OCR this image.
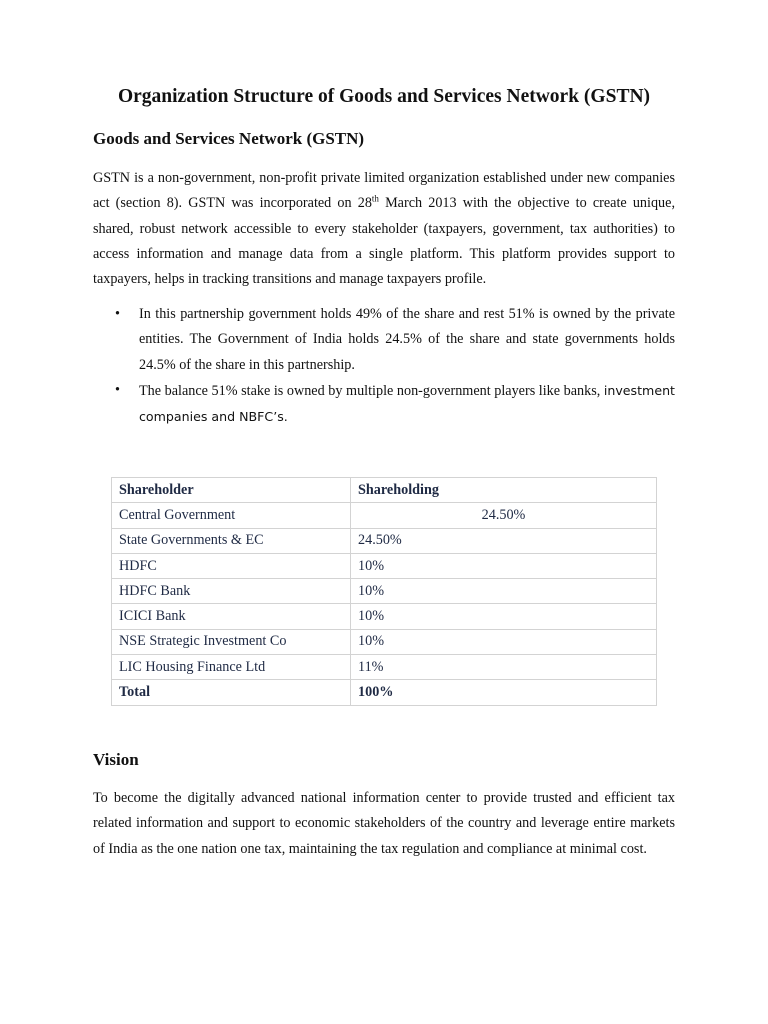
Organization Structure of Goods and Services Network (GSTN)
Goods and Services Network (GSTN)

GSTN is a non-government, non-profit private limited organization established under new companies act (section 8). GSTN was incorporated on 28th March 2013 with the objective to create unique, shared, robust network accessible to every stakeholder (taxpayers, government, tax authorities) to access information and manage data from a single platform. This platform provides support to taxpayers, helps in tracking transitions and manage taxpayers profile.

• In this partnership government holds 49% of the share and rest 51% is owned by the private entities. The Government of India holds 24.5% of the share and state governments holds 24.5% of the share in this partnership.
• The balance 51% stake is owned by multiple non-government players like banks, investment companies and NBFC’s.
Shareholder	Shareholding
Central Government	24.50%
State Governments & EC	24.50%
HDFC	10%
HDFC Bank	10%
ICICI Bank	10%
NSE Strategic Investment Co	10%
LIC Housing Finance Ltd	11%
Total	100%
Vision

To become the digitally advanced national information center to provide trusted and efficient tax related information and support to economic stakeholders of the country and leverage entire markets of India as the one nation one tax, maintaining the tax regulation and compliance at minimal cost.
